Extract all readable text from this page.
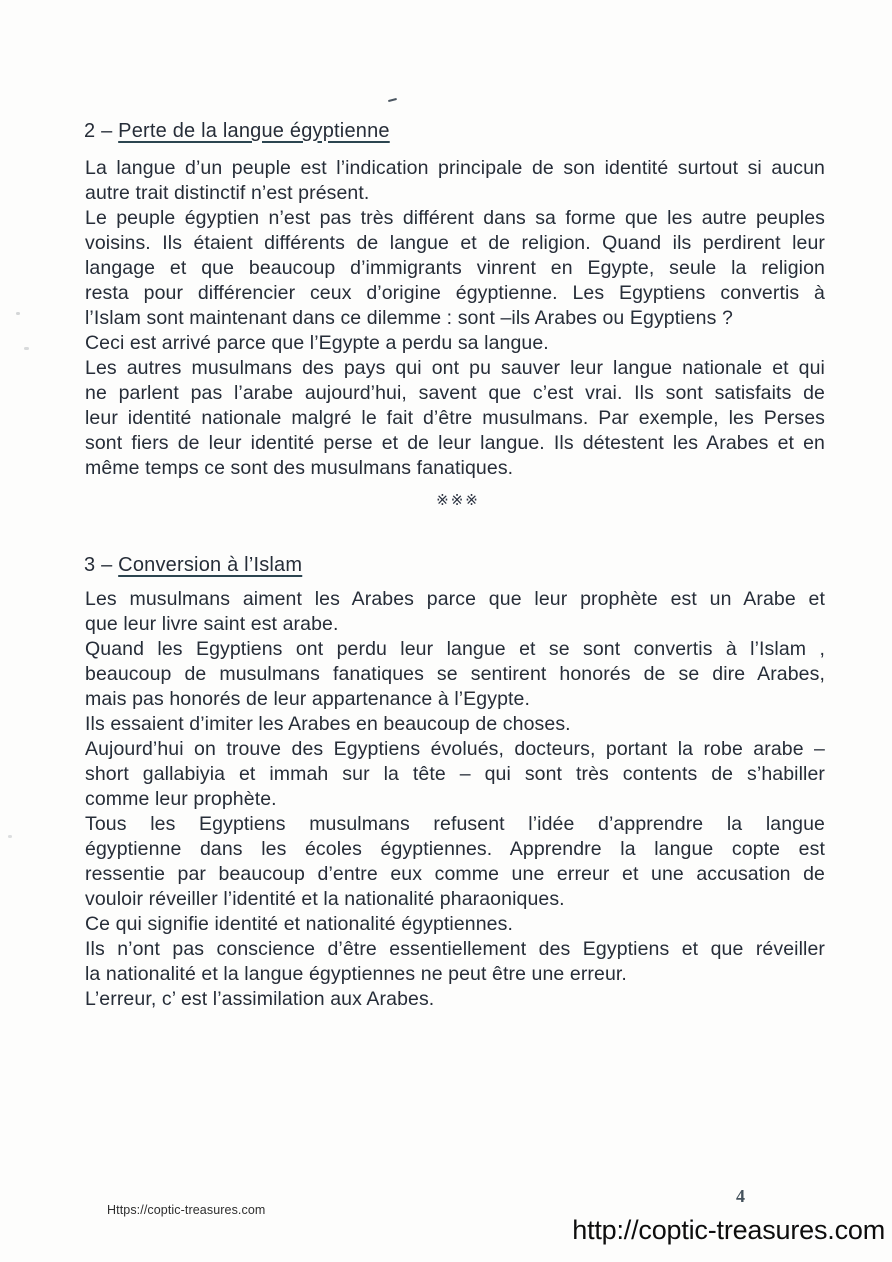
2 – Perte de la langue égyptienne
La langue d’un peuple est l’indication principale de son identité surtout si aucun
autre trait distinctif n’est présent.
Le peuple égyptien n’est pas très différent dans sa forme que les autre peuples
voisins. Ils étaient différents de langue et de religion. Quand ils perdirent leur
langage et que beaucoup d’immigrants vinrent en Egypte, seule la religion
resta pour différencier ceux d’origine égyptienne. Les Egyptiens convertis à
l’Islam sont maintenant dans ce dilemme : sont –ils Arabes ou Egyptiens ?
Ceci est arrivé parce que l’Egypte a perdu sa langue.
Les autres musulmans des pays qui ont pu sauver leur langue nationale et qui
ne parlent pas l’arabe aujourd’hui, savent que c’est vrai. Ils sont satisfaits de
leur identité nationale malgré le fait d’être musulmans. Par exemple, les Perses
sont fiers de leur identité perse et de leur langue. Ils détestent les Arabes et en
même temps ce sont des musulmans fanatiques.
※※※
3 – Conversion à l’Islam
Les musulmans aiment les Arabes parce que leur prophète est un Arabe et
que leur livre saint est arabe.
Quand les Egyptiens ont perdu leur langue et se sont convertis à l’Islam ,
beaucoup de musulmans fanatiques se sentirent honorés de se dire Arabes,
mais pas honorés de leur appartenance à l’Egypte.
Ils essaient d’imiter les Arabes en beaucoup de choses.
Aujourd’hui on trouve des Egyptiens évolués, docteurs, portant la robe arabe –
short gallabiyia et immah sur la tête – qui sont très contents de s’habiller
comme leur prophète.
Tous les Egyptiens musulmans refusent l’idée d’apprendre la langue
égyptienne dans les écoles égyptiennes. Apprendre la langue copte est
ressentie par beaucoup d’entre eux comme une erreur et une accusation de
vouloir réveiller l’identité et la nationalité pharaoniques.
Ce qui signifie identité et nationalité égyptiennes.
Ils n’ont pas conscience d’être essentiellement des Egyptiens et que réveiller
la nationalité et la langue égyptiennes ne peut être une erreur.
L’erreur, c’ est l’assimilation aux Arabes.
Https://coptic-treasures.com
4
http://coptic-treasures.com
